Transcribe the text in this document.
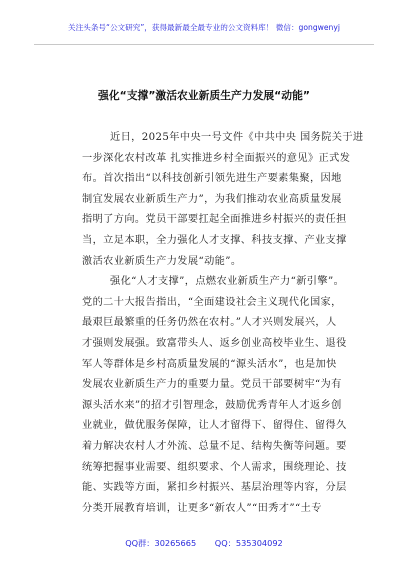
关注头条号“公文研究”，获得最新最全最专业的公文资料库！ 微信：gongwenyj
强化“支撑”激活农业新质生产力发展“动能”
近日，2025年中央一号文件《中共中央 国务院关于进
一步深化农村改革 扎实推进乡村全面振兴的意见》正式发
布。首次指出“以科技创新引领先进生产要素集聚，因地
制宜发展农业新质生产力”，为我们推动农业高质量发展
指明了方向。党员干部要扛起全面推进乡村振兴的责任担
当，立足本职，全力强化人才支撑、科技支撑、产业支撑
激活农业新质生产力发展“动能”。
强化“人才支撑”，点燃农业新质生产力“新引擎”。
党的二十大报告指出，“全面建设社会主义现代化国家，
最艰巨最繁重的任务仍然在农村。”人才兴则发展兴，人
才强则发展强。致富带头人、返乡创业高校毕业生、退役
军人等群体是乡村高质量发展的“源头活水”，也是加快
发展农业新质生产力的重要力量。党员干部要树牢“为有
源头活水来”的招才引智理念，鼓励优秀青年人才返乡创
业就业，做优服务保障，让人才留得下、留得住、留得久
着力解决农村人才外流、总量不足、结构失衡等问题。要
统筹把握事业需要、组织要求、个人需求，围绕理论、技
能、实践等方面，紧扣乡村振兴、基层治理等内容，分层
分类开展教育培训，让更多“新农人”“田秀才”“土专
QQ群：30265665 QQ：535304092
